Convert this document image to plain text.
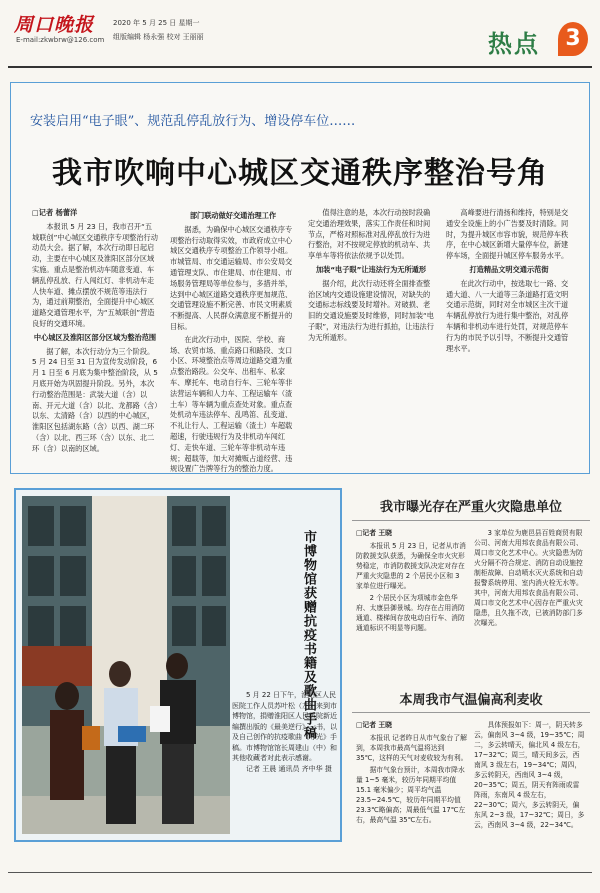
周口晚报
E-mail:zkwbrw@126.com
2020 年 5 月 25 日 星期一
组版编辑 杨永强 校对 王丽丽	热点	3
安装启用“电子眼”、规范乱停乱放行为、增设停车位……
我市吹响中心城区交通秩序整治号角

□记者 杨蕾洋

本报讯 5 月 23 日，我市召开“五城联创”中心城区交通秩序专项整治行动动员大会。据了解，本次行动即日起启动，主要在中心城区及淮阳区部分区域实施。重点是整治机动车随意变道、车辆乱停乱放、行人闯红灯、非机动车走人快车道、摊点摆放不规范等违法行为，通过前期整治，全面提升中心城区道路交通管理水平，为“五城联创”营造良好的交通环境。

中心城区及淮阳区部分区域为整治范围

据了解，本次行动分为三个阶段。5 月 24 日至 31 日为宣传发动阶段，6 月 1 日至 6 月底为集中整治阶段，从 5 月底开始为巩固提升阶段。另外，本次行动整治范围是：武装大道（含）以南、开元大道（含）以北、龙都路（含）以东、太清路（含）以西的中心城区，淮阳区包括湖东路（含）以西、湖二环（含）以北、西三环（含）以东、北二环（含）以南的区域。

部门联动做好交通治理工作

据悉，为确保中心城区交通秩序专项整治行动取得实效，市政府成立中心城区交通秩序专项整治工作领导小组。市城管局、市交通运输局、市公安局交通管理支队、市住建局、市住建局、市场服务管理局等单位参与，多措并举，达到中心城区道路交通秩序更加规范、交通管理设施不断完善、市民文明素质不断提高、人民群众满意度不断提升的目标。

在此次行动中，医院、学校、商场、农贸市场、重点路口和路段、支口小区、环境整治点等周边道路交通为重点整治路段。公交车、出租车、私家车、摩托车、电动自行车、三轮车等非法营运车辆和人力车、工程运输车（渣土车）等车辆为重点查处对象。重点查处机动车违法停车、乱鸣笛、乱变道、不礼让行人、工程运输（渣土）车超载超速，行驶违规行为及非机动车闯红灯、走快车道、三轮车等非机动车违规；超载等，加大对摊贩占道经营、违规设置广告牌等行为的整治力度。

值得注意的是，本次行动按时段确定交通治理效果，落实工作责任和时间节点，严格对照标准对乱停乱放行为进行整治，对不按规定停放的机动车、共享单车等将依法依规予以处罚。

加装“电子眼”让违法行为无所遁形

据介绍，此次行动还将全面排查整治区域内交通设施建设情况，对缺失的交通标志标线要及时增补。对破损、老旧的交通设施要及时维修，同时加装“电子眼”，对违法行为进行抓拍，让违法行为无所遁形。

高峰要进行清扬和维持，特别是交通安全设施上的小广告要及时清除。同时，为提升城区市容市貌，规范停车秩序，在中心城区新增大量停车位，新建停车场，全面提升城区停车服务水平。

打造精品文明交通示范街

在此次行动中，按选取七一路、交通大道、八一大道等三条道路打造文明交通示范街，同时对全市城区主次干道车辆乱停放行为进行集中整治，对乱停车辆和非机动车进行处罚，对规范停车行为的市民予以引导，不断提升交通管理水平。

市博物馆获赠抗疫书籍及歌曲手稿

5 月 22 日下午，淮阳区人民医院工作人员苏叶松（左）来到市博物馆，捐赠淮阳区人民医院新近编撰出版的《最美逆行》一书，以及自己创作的抗疫歌曲《等光》手稿。市博物馆馆长周建山（中）和其他收藏者对此表示感谢。

记者 王晨 通讯员 齐中华 摄

我市曝光存在严重火灾隐患单位

□记者 王晓

本报讯 5 月 23 日，记者从市消防救援支队获悉，为确保全市火灾形势稳定，市消防救援支队决定对存在严重火灾隐患的 2 个居民小区和 3 家单位进行曝光。

2 个居民小区为项城市金色华府、太康县御景城。均存在占用消防通道、楼梯间存放电动自行车、消防通道标识不明显等问题。

3 家单位为鹿邑县百姓商贸有限公司、河南大用邦农食品有限公司、周口市文化艺术中心。火灾隐患为防火分隔不符合规定、消防自动设施控制柜故障、自动喷水灭火系统和自动报警系统停用、室内消火栓无水等。其中，河南大用邦农食品有限公司、周口市文化艺术中心因存在严重火灾隐患，且久拖不改，已被消防部门多次曝光。

本周我市气温偏高利麦收

□记者 王晓

本报讯 记者昨日从市气象台了解到，本周我市最高气温将达到 35℃，这样的天气对麦收较为有利。

据市气象台预计，本周我市降水量 1~5 毫米，较历年同期平均值 15.1 毫米偏少；周平均气温 23.5~24.5℃，较历年同期平均值 23.3℃略偏高；周最低气温 17℃左右，最高气温 35℃左右。

具体预报如下：周一，阴天转多云，偏南风 3~4 级，19~35℃；周二，多云转晴天，偏北风 4 级左右，17~32℃；周三，晴天间多云，西南风 3 级左右，19~34℃；周四，多云转阴天，西南风 3~4 级，20~35℃；周五，阴天有阵雨或雷阵雨，东南风 4 级左右，22~30℃；周六，多云转阴天，偏东风 2~3 级，17~32℃；周日，多云，西南风 3~4 级，22~34℃。
